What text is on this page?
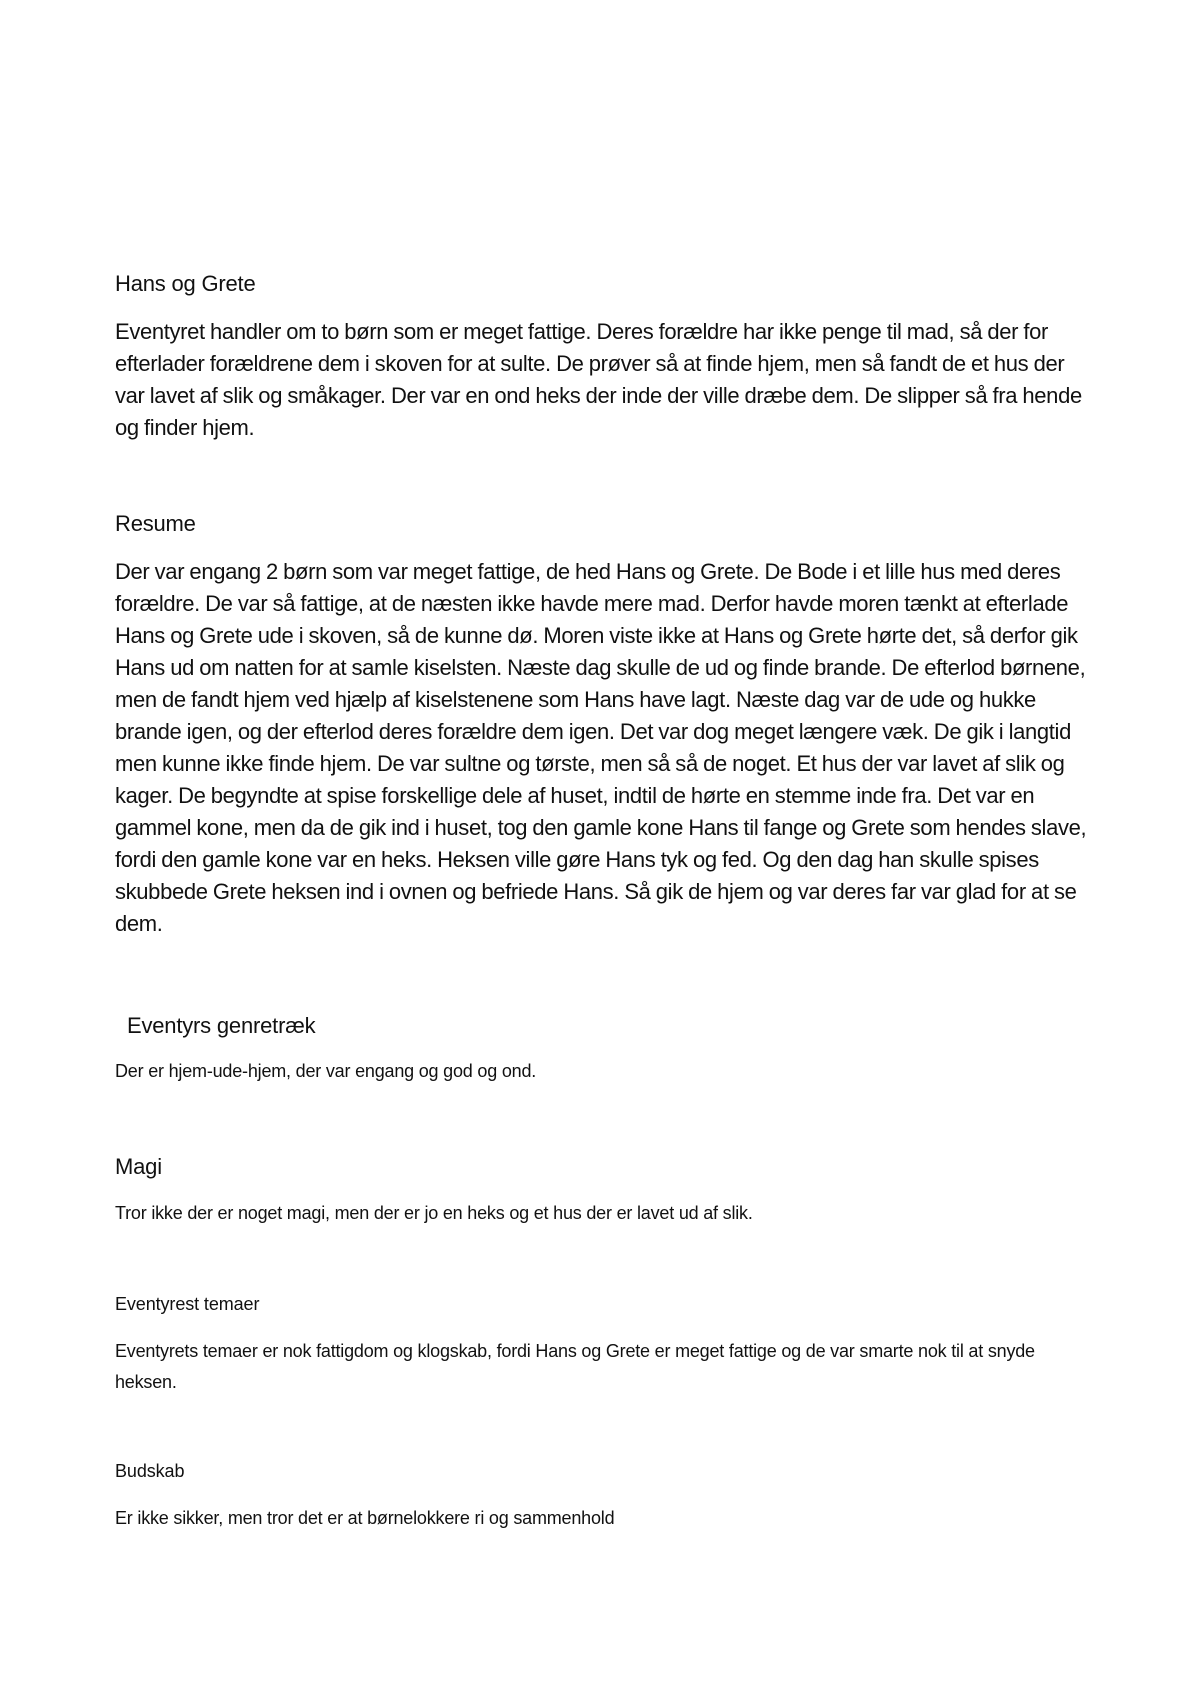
Hans og Grete
Eventyret handler om to børn som er meget fattige. Deres forældre har ikke penge til mad, så der for efterlader forældrene dem i skoven for at sulte. De prøver så at finde hjem, men så fandt de et hus der var lavet af slik og småkager. Der var en ond heks der inde der ville dræbe dem. De slipper så fra hende og finder hjem.
Resume
Der var engang 2 børn som var meget fattige, de hed Hans og Grete. De Bode i et lille hus med deres forældre. De var så fattige, at de næsten ikke havde mere mad. Derfor havde moren tænkt at efterlade Hans og Grete ude i skoven, så de kunne dø. Moren viste ikke at Hans og Grete hørte det, så derfor gik Hans ud om natten for at samle kiselsten. Næste dag skulle de ud og finde brande. De efterlod børnene, men de fandt hjem ved hjælp af kiselstenene som Hans have lagt. Næste dag var de ude og hukke brande igen, og der efterlod deres forældre dem igen. Det var dog meget længere væk. De gik i langtid men kunne ikke finde hjem. De var sultne og tørste, men så så de noget. Et hus der var lavet af slik og kager. De begyndte at spise forskellige dele af huset, indtil de hørte en stemme inde fra. Det var en gammel kone, men da de gik ind i huset, tog den gamle kone Hans til fange og Grete som hendes slave, fordi den gamle kone var en heks. Heksen ville gøre Hans tyk og fed. Og den dag han skulle spises skubbede Grete heksen ind i ovnen og befriede Hans. Så gik de hjem og var deres far var glad for at se dem.
Eventyrs genretræk
Der er hjem-ude-hjem, der var engang og god og ond.
Magi
Tror ikke der er noget magi, men der er jo en heks og et hus der er lavet ud af slik.
Eventyrest temaer
Eventyrets temaer er nok fattigdom og klogskab, fordi Hans og Grete er meget fattige og de var smarte nok til at snyde heksen.
Budskab
Er ikke sikker, men tror det er at børnelokkere ri og sammenhold
